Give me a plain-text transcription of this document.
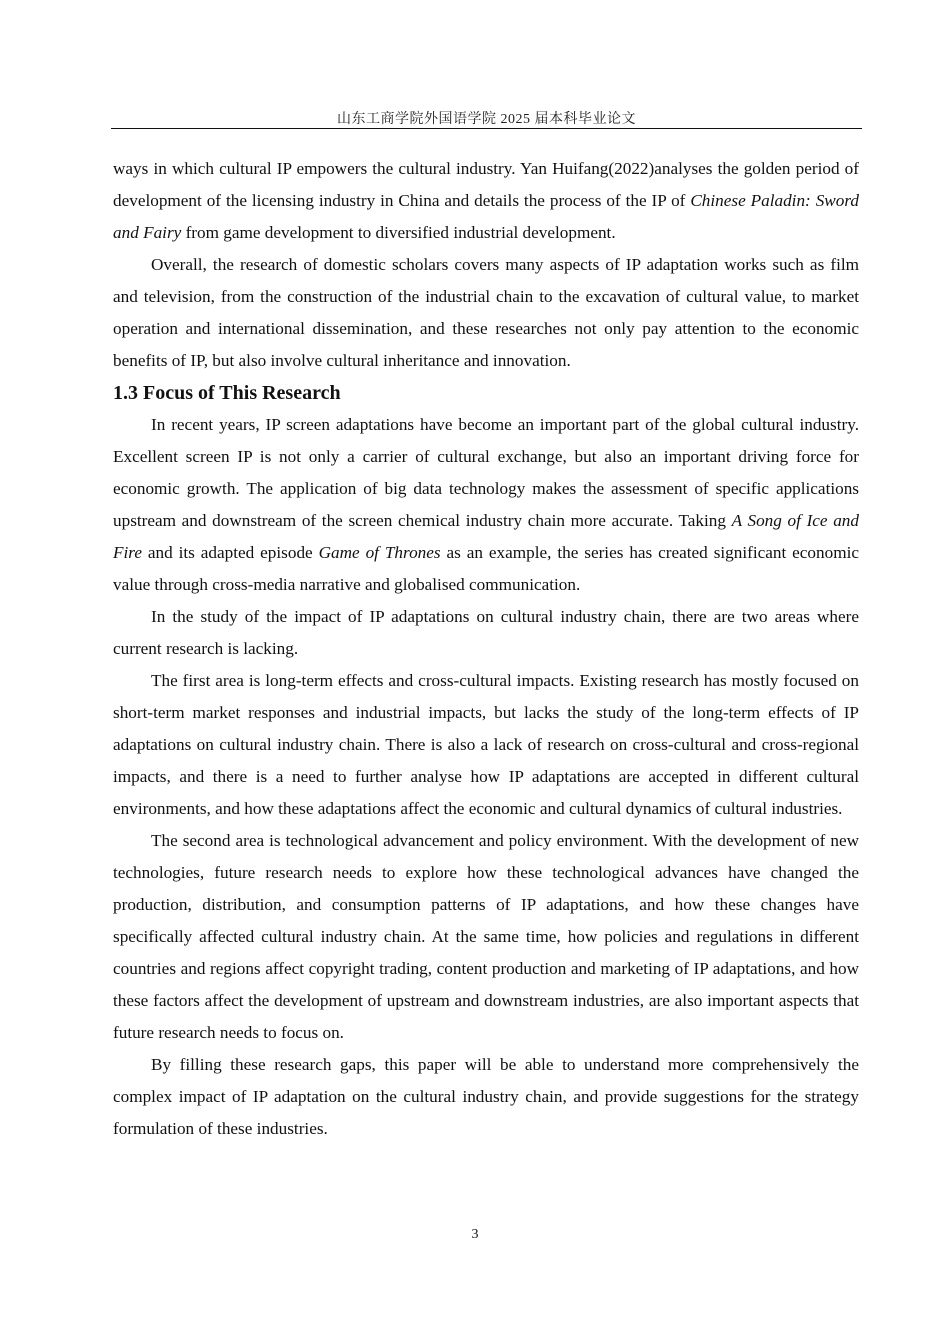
山东工商学院外国语学院 2025 届本科毕业论文

ways in which cultural IP empowers the cultural industry. Yan Huifang(2022)analyses the golden period of development of the licensing industry in China and details the process of the IP of Chinese Paladin: Sword and Fairy from game development to diversified industrial development.

Overall, the research of domestic scholars covers many aspects of IP adaptation works such as film and television, from the construction of the industrial chain to the excavation of cultural value, to market operation and international dissemination, and these researches not only pay attention to the economic benefits of IP, but also involve cultural inheritance and innovation.

1.3 Focus of This Research

In recent years, IP screen adaptations have become an important part of the global cultural industry. Excellent screen IP is not only a carrier of cultural exchange, but also an important driving force for economic growth. The application of big data technology makes the assessment of specific applications upstream and downstream of the screen chemical industry chain more accurate. Taking A Song of Ice and Fire and its adapted episode Game of Thrones as an example, the series has created significant economic value through cross-media narrative and globalised communication.

In the study of the impact of IP adaptations on cultural industry chain, there are two areas where current research is lacking.

The first area is long-term effects and cross-cultural impacts. Existing research has mostly focused on short-term market responses and industrial impacts, but lacks the study of the long-term effects of IP adaptations on cultural industry chain. There is also a lack of research on cross-cultural and cross-regional impacts, and there is a need to further analyse how IP adaptations are accepted in different cultural environments, and how these adaptations affect the economic and cultural dynamics of cultural industries.

The second area is technological advancement and policy environment. With the development of new technologies, future research needs to explore how these technological advances have changed the production, distribution, and consumption patterns of IP adaptations, and how these changes have specifically affected cultural industry chain. At the same time, how policies and regulations in different countries and regions affect copyright trading, content production and marketing of IP adaptations, and how these factors affect the development of upstream and downstream industries, are also important aspects that future research needs to focus on.

By filling these research gaps, this paper will be able to understand more comprehensively the complex impact of IP adaptation on the cultural industry chain, and provide suggestions for the strategy formulation of these industries.

3
